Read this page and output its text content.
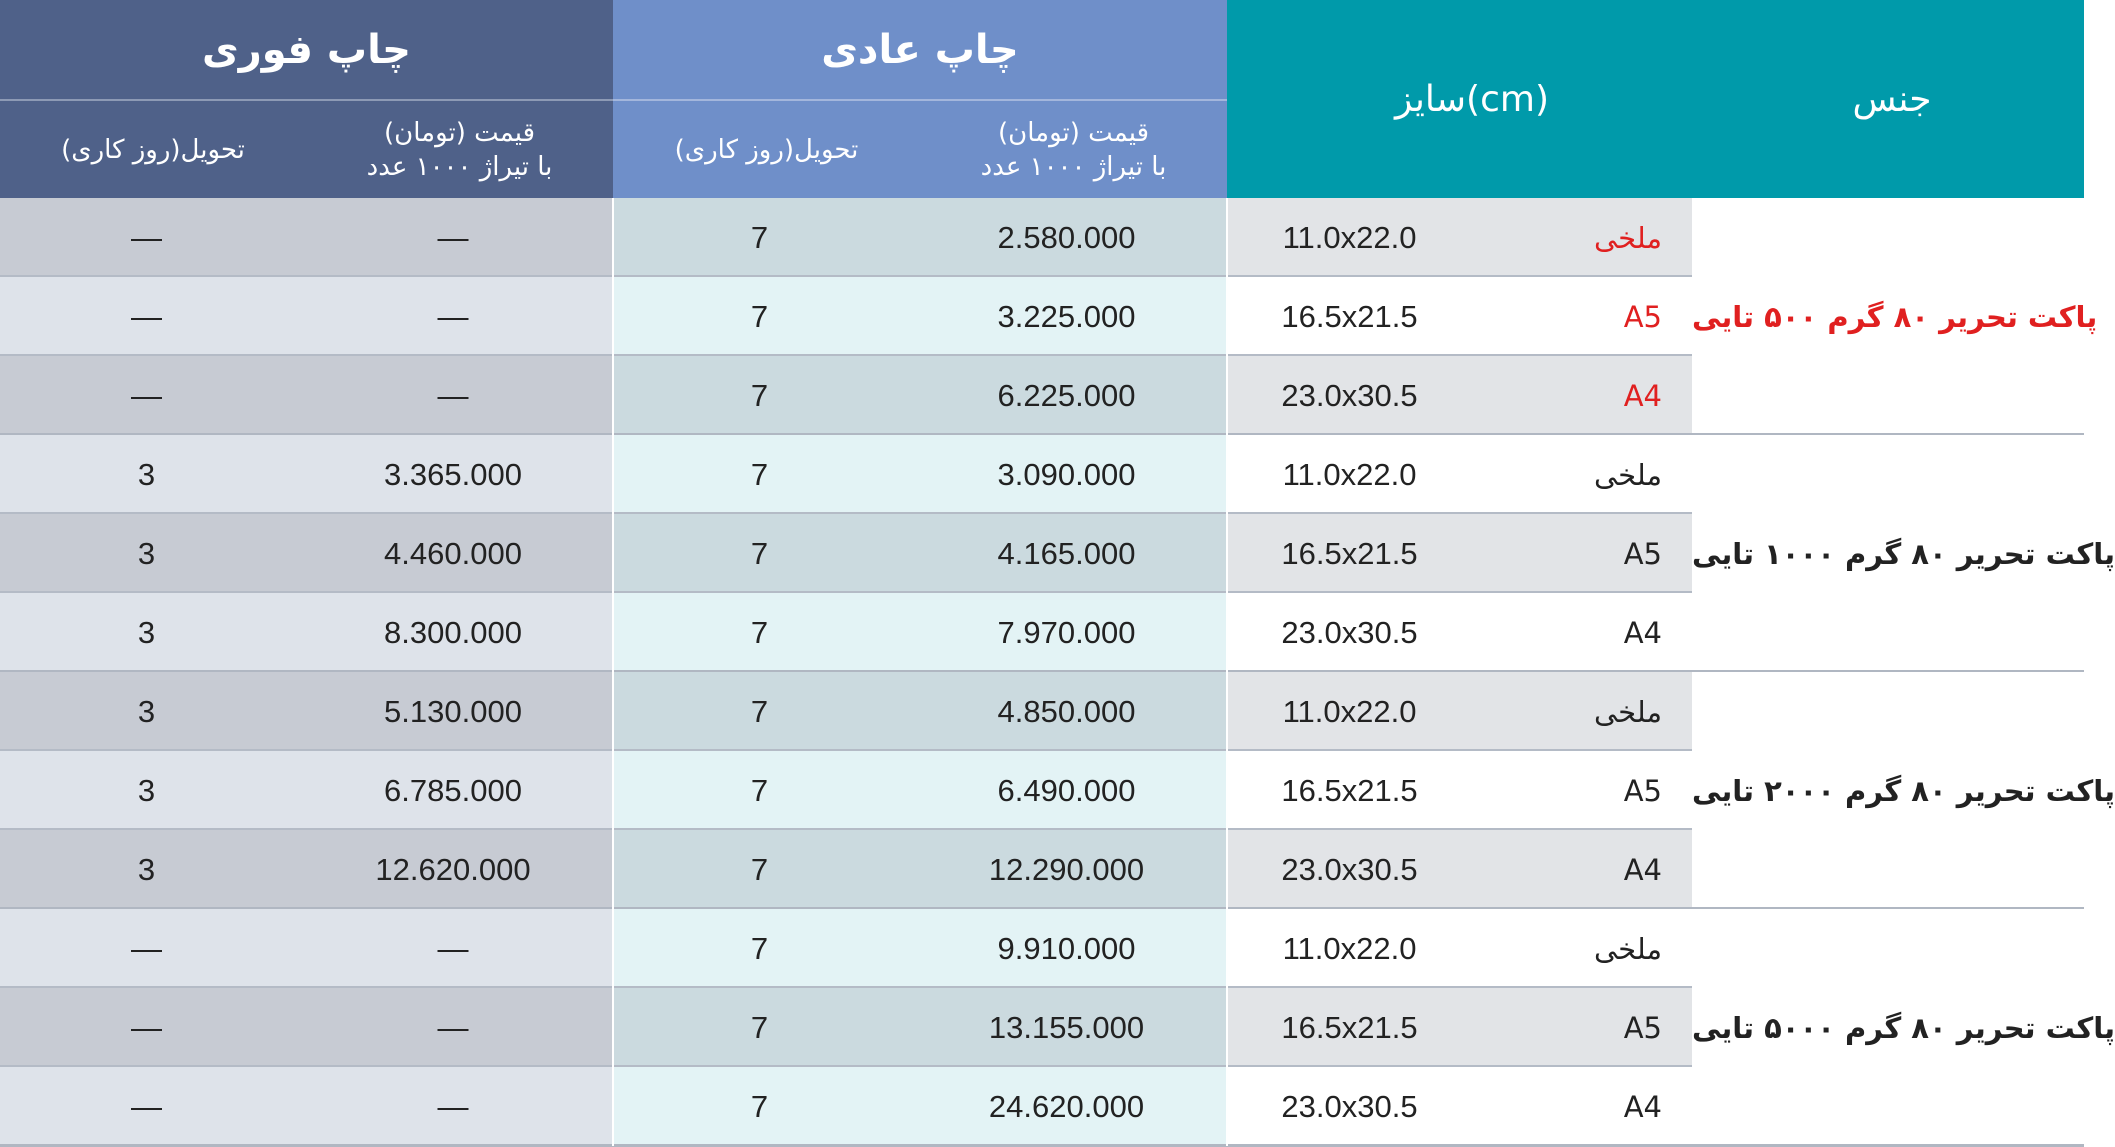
چاپ فوری
قیمت (تومان)
با تیراژ ۱۰۰۰ عدد
تحویل(روز کاری)
چاپ عادی
قیمت (تومان)
با تیراژ ۱۰۰۰ عدد
تحویل(روز کاری)
سایز(cm)	جنس
—	—	7	2.580.000	11.0x22.0	ملخی
—	—	7	3.225.000	16.5x21.5	A5
—	—	7	6.225.000	23.0x30.5	A4
پاکت تحریر ۸۰ گرم ۵۰۰ تایی
3	3.365.000	7	3.090.000	11.0x22.0	ملخی
3	4.460.000	7	4.165.000	16.5x21.5	A5
3	8.300.000	7	7.970.000	23.0x30.5	A4
پاکت تحریر ۸۰ گرم ۱۰۰۰ تایی
3	5.130.000	7	4.850.000	11.0x22.0	ملخی
3	6.785.000	7	6.490.000	16.5x21.5	A5
3	12.620.000	7	12.290.000	23.0x30.5	A4
پاکت تحریر ۸۰ گرم ۲۰۰۰ تایی
—	—	7	9.910.000	11.0x22.0	ملخی
—	—	7	13.155.000	16.5x21.5	A5
—	—	7	24.620.000	23.0x30.5	A4
پاکت تحریر ۸۰ گرم ۵۰۰۰ تایی
